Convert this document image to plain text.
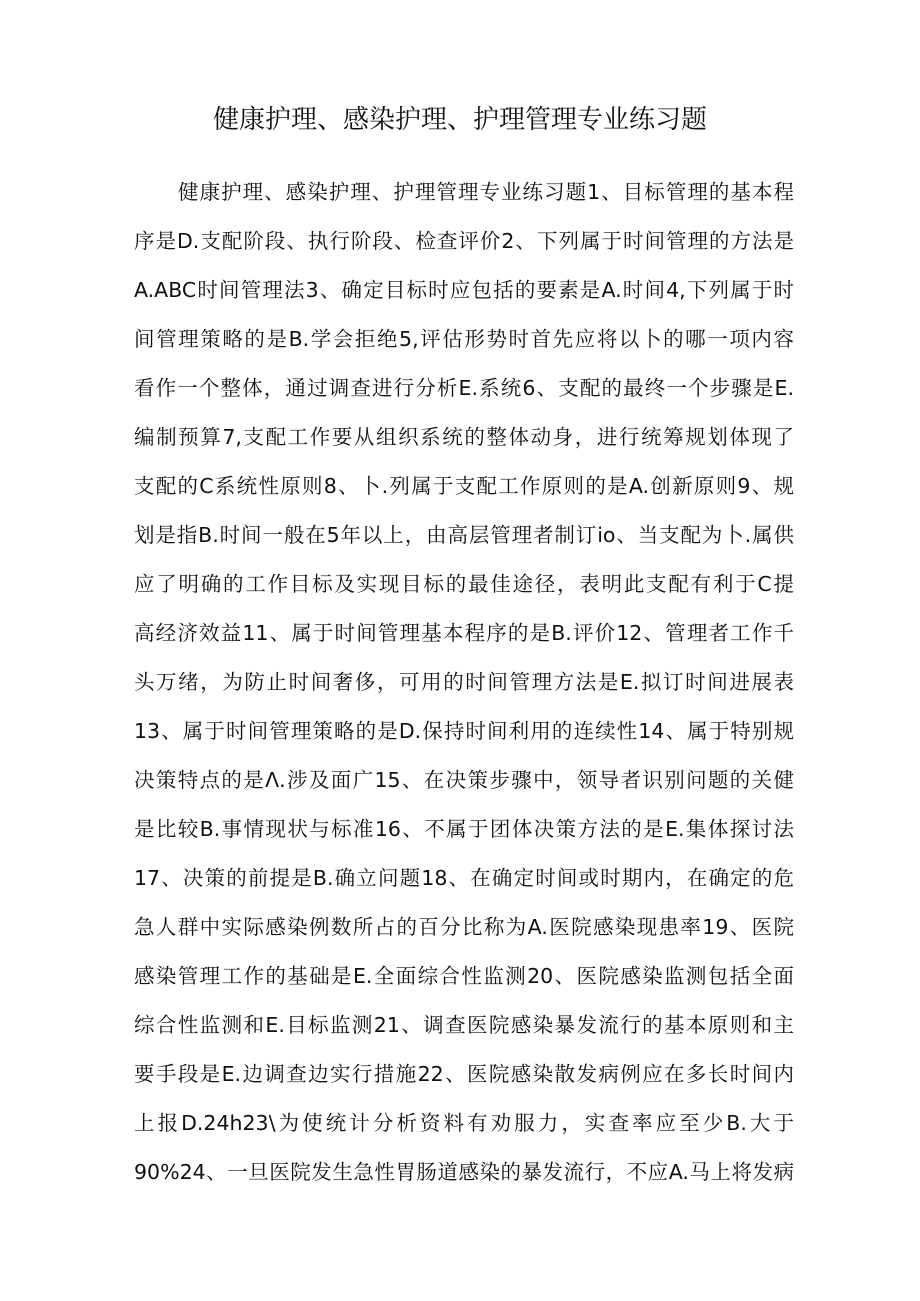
健康护理、感染护理、护理管理专业练习题
健康护理、感染护理、护理管理专业练习题1、目标管理的基本程
序是D.支配阶段、执行阶段、检查评价2、下列属于时间管理的方法是
A.ABC时间管理法3、确定目标时应包括的要素是A.时间4,下列属于时
间管理策略的是B.学会拒绝5,评估形势时首先应将以卜的哪一项内容
看作一个整体，通过调查进行分析E.系统6、支配的最终一个步骤是E.
编制预算7,支配工作要从组织系统的整体动身，进行统筹规划体现了
支配的C系统性原则8、卜.列属于支配工作原则的是A.创新原则9、规
划是指B.时间一般在5年以上，由高层管理者制订io、当支配为卜.属供
应了明确的工作目标及实现目标的最佳途径，表明此支配有利于C提
高经济效益11、属于时间管理基本程序的是B.评价12、管理者工作千
头万绪，为防止时间奢侈，可用的时间管理方法是E.拟订时间进展表
13、属于时间管理策略的是D.保持时间利用的连续性14、属于特别规
决策特点的是Λ.涉及面广15、在决策步骤中，领导者识别问题的关健
是比较B.事情现状与标准16、不属于团体决策方法的是E.集体探讨法
17、决策的前提是B.确立问题18、在确定时间或时期内，在确定的危
急人群中实际感染例数所占的百分比称为A.医院感染现患率19、医院
感染管理工作的基础是E.全面综合性监测20、医院感染监测包括全面
综合性监测和E.目标监测21、调查医院感染暴发流行的基本原则和主
要手段是E.边调查边实行措施22、医院感染散发病例应在多长时间内
上报D.24h23\为使统计分析资料有劝服力，实查率应至少B.大于
90%24、一旦医院发生急性胃肠道感染的暴发流行，不应A.马上将发病
